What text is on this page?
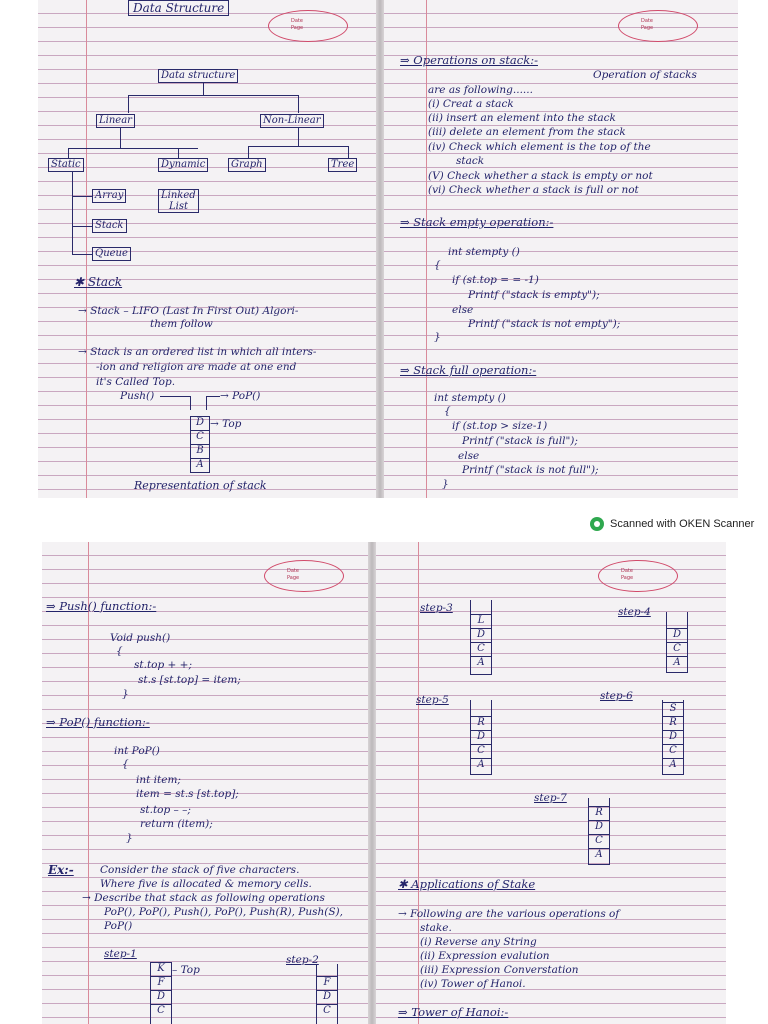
Data Structure
Date
Page
Data structure
Linear	Non-Linear
Static	Dynamic	Graph	Tree
Array	Linked
List
Stack
Queue
✱ Stack
→ Stack – LIFO (Last In First Out) Algori-
them follow
→ Stack is an ordered list in which all inters-
-ion and religion are made at one end
it's Called Top.
Push()	→ PoP()
D
C
B
A
→ Top
Representation of stack
Date
Page
⇒ Operations on stack:-
Operation of stacks
are as following......
(i) Creat a stack
(ii) insert an element into the stack
(iii) delete an element from the stack
(iv) Check which element is the top of the
stack
(V) Check whether a stack is empty or not
(vi) Check whether a stack is full or not
⇒ Stack empty operation:-
int stempty ()
{
if (st.top = = -1)
Printf ("stack is empty");
else
Printf ("stack is not empty");
}
⇒ Stack full operation:-
int stempty ()
{
if (st.top > size-1)
Printf ("stack is full");
else
Printf ("stack is not full");
}
Scanned with OKEN Scanner
Date
Page
⇒ Push() function:-
Void push()
{
st.top + +;
st.s [st.top] = item;
}
⇒ PoP() function:-
int PoP()
{
int item;
item = st.s [st.top];
st.top – –;
return (item);
}
Ex:-	Consider the stack of five characters.
Where five is allocated & memory cells.
→ Describe that stack as following operations
PoP(), PoP(), Push(), PoP(), Push(R), Push(S),
PoP()
step-1
K
F
D
C
– Top
step-2
F
D
C
Date
Page
step-3
L
D
C
A
step-4
D
C
A
step-5
R
D
C
A
step-6
S
R
D
C
A
step-7
R
D
C
A
✱ Applications of Stake
→ Following are the various operations of
stake.
(i) Reverse any String
(ii) Expression evalution
(iii) Expression Converstation
(iv) Tower of Hanoi.
⇒ Tower of Hanoi:-
